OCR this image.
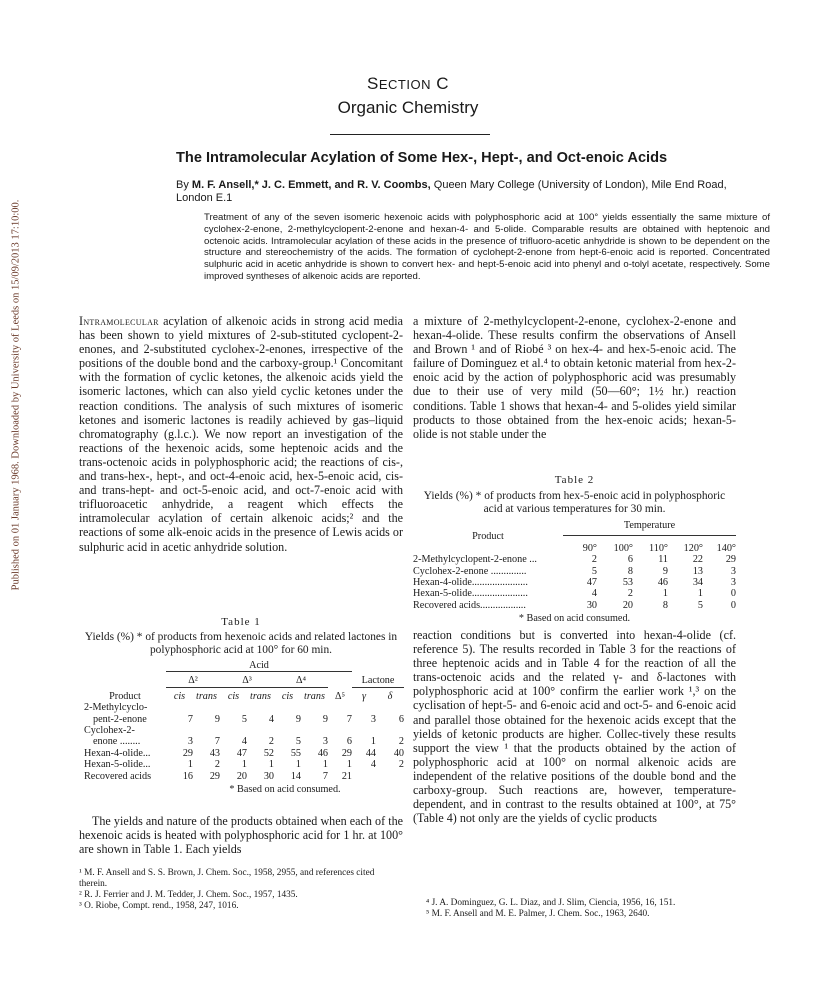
Published on 01 January 1968. Downloaded by University of Leeds on 15/09/2013 17:10:00.
SECTION C
Organic Chemistry
The Intramolecular Acylation of Some Hex-, Hept-, and Oct-enoic Acids
By M. F. Ansell,* J. C. Emmett, and R. V. Coombs, Queen Mary College (University of London), Mile End Road, London E.1
Treatment of any of the seven isomeric hexenoic acids with polyphosphoric acid at 100° yields essentially the same mixture of cyclohex-2-enone, 2-methylcyclopent-2-enone and hexan-4- and 5-olide. Comparable results are obtained with heptenoic and octenoic acids. Intramolecular acylation of these acids in the presence of trifluoro-acetic anhydride is shown to be dependent on the structure and stereochemistry of the acids. The formation of cyclohept-2-enone from hept-6-enoic acid is reported. Concentrated sulphuric acid in acetic anhydride is shown to convert hex- and hept-5-enoic acid into phenyl and o-tolyl acetate, respectively. Some improved syntheses of alkenoic acids are reported.

Intramolecular acylation of alkenoic acids in strong acid media has been shown to yield mixtures of 2-sub-stituted cyclopent-2-enones, and 2-substituted cyclohex-2-enones, irrespective of the positions of the double bond and the carboxy-group.¹ Concomitant with the formation of cyclic ketones, the alkenoic acids yield the isomeric lactones, which can also yield cyclic ketones under the reaction conditions. The analysis of such mixtures of isomeric ketones and isomeric lactones is readily achieved by gas–liquid chromatography (g.l.c.). We now report an investigation of the reactions of the hexenoic acids, some heptenoic acids and the trans-octenoic acids in polyphosphoric acid; the reactions of cis-, and trans-hex-, hept-, and oct-4-enoic acid, hex-5-enoic acid, cis- and trans-hept- and oct-5-enoic acid, and oct-7-enoic acid with trifluoroacetic anhydride, a reagent which effects the intramolecular acylation of certain alkenoic acids;² and the reactions of some alk-enoic acids in the presence of Lewis acids or sulphuric acid in acetic anhydride solution.

Table 1
Yields (%) * of products from hexenoic acids and related lactones in polyphosphoric acid at 100° for 60 min.
	Acid								

	Δ²		Δ³		Δ⁴			Lactone	

Product	cis	trans	cis	trans	cis	trans	Δ⁵	γ	δ
2-Methylcyclo-									
pent-2-enone	7	9	5	4	9	9	7	3	6
Cyclohex-2-									
enone ........	3	7	4	2	5	3	6	1	2
Hexan-4-olide...	29	43	47	52	55	46	29	44	40
Hexan-5-olide...	1	2	1	1	1	1	1	4	2
Recovered acids	16	29	20	30	14	7	21		
	* Based on acid consumed.								

The yields and nature of the products obtained when each of the hexenoic acids is heated with polyphosphoric acid for 1 hr. at 100° are shown in Table 1. Each yields

¹ M. F. Ansell and S. S. Brown, J. Chem. Soc., 1958, 2955, and references cited therein.

² R. J. Ferrier and J. M. Tedder, J. Chem. Soc., 1957, 1435.

³ O. Riobe, Compt. rend., 1958, 247, 1016.

a mixture of 2-methylcyclopent-2-enone, cyclohex-2-enone and hexan-4-olide. These results confirm the observations of Ansell and Brown ¹ and of Riobé ³ on hex-4- and hex-5-enoic acid. The failure of Dominguez et al.⁴ to obtain ketonic material from hex-2-enoic acid by the action of polyphosphoric acid was presumably due to their use of very mild (50—60°; 1½ hr.) reaction conditions. Table 1 shows that hexan-4- and 5-olides yield similar products to those obtained from the hex-enoic acids; hexan-5-olide is not stable under the

Table 2
Yields (%) * of products from hex-5-enoic acid in polyphosphoric acid at various temperatures for 30 min.
	Temperature				
Product					

	90°	100°	110°	120°	140°
2-Methylcyclopent-2-enone ...	2	6	11	22	29
Cyclohex-2-enone ..............	5	8	9	13	3
Hexan-4-olide......................	47	53	46	34	3
Hexan-5-olide......................	4	2	1	1	0
Recovered acids..................	30	20	8	5	0
* Based on acid consumed.					

reaction conditions but is converted into hexan-4-olide (cf. reference 5). The results recorded in Table 3 for the reactions of three heptenoic acids and in Table 4 for the reaction of all the trans-octenoic acids and the related γ- and δ-lactones with polyphosphoric acid at 100° confirm the earlier work ¹,³ on the cyclisation of hept-5- and 6-enoic acid and oct-5- and 6-enoic acid and parallel those obtained for the hexenoic acids except that the yields of ketonic products are higher. Collec-tively these results support the view ¹ that the products obtained by the action of polyphosphoric acid at 100° on normal alkenoic acids are independent of the relative positions of the double bond and the carboxy-group. Such reactions are, however, temperature-dependent, and in contrast to the results obtained at 100°, at 75° (Table 4) not only are the yields of cyclic products

⁴ J. A. Dominguez, G. L. Diaz, and J. Slim, Ciencia, 1956, 16, 151.

⁵ M. F. Ansell and M. E. Palmer, J. Chem. Soc., 1963, 2640.
